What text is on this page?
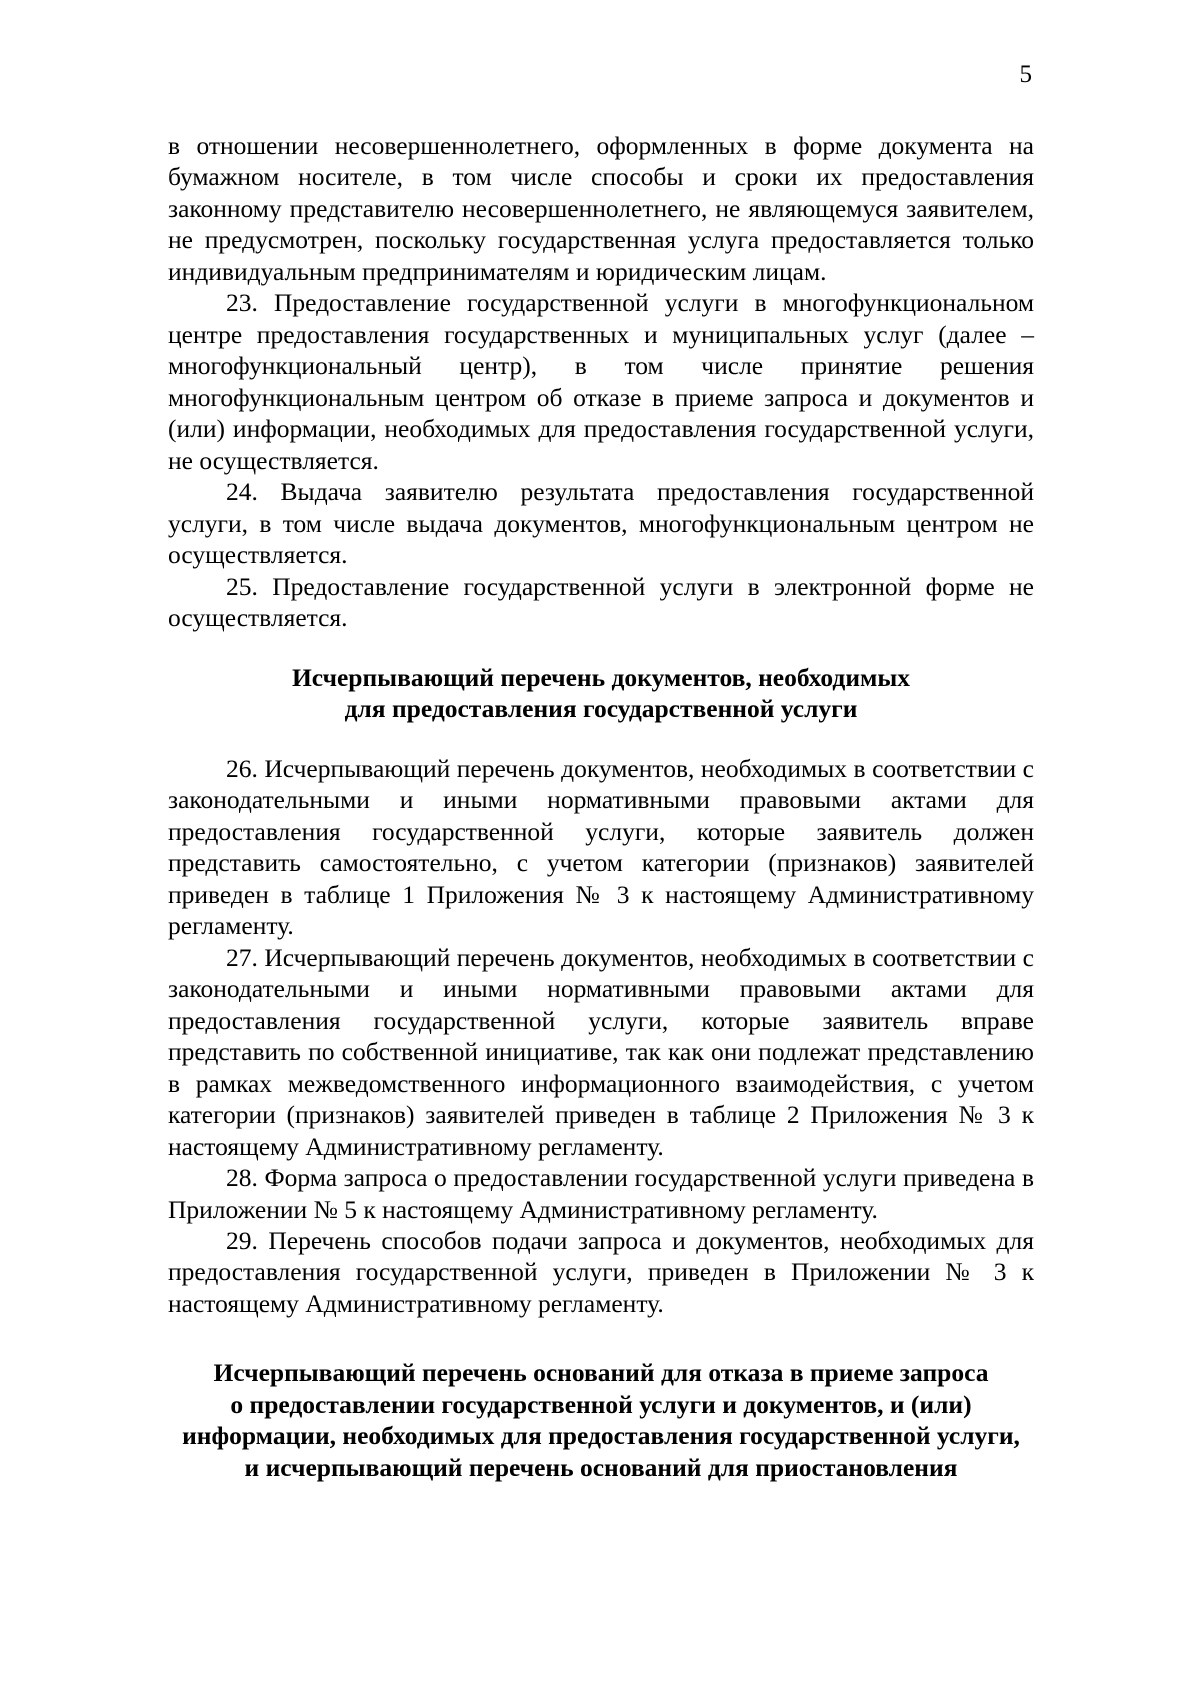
5

в отношении несовершеннолетнего, оформленных в форме документа на бумажном носителе, в том числе способы и сроки их предоставления законному представителю несовершеннолетнего, не являющемуся заявителем, не предусмотрен, поскольку государственная услуга предоставляется только индивидуальным предпринимателям и юридическим лицам.

23. Предоставление государственной услуги в многофункциональном центре предоставления государственных и муниципальных услуг (далее – многофункциональный центр), в том числе принятие решения многофункциональным центром об отказе в приеме запроса и документов и (или) информации, необходимых для предоставления государственной услуги, не осуществляется.

24. Выдача заявителю результата предоставления государственной услуги, в том числе выдача документов, многофункциональным центром не осуществляется.

25. Предоставление государственной услуги в электронной форме не осуществляется.

Исчерпывающий перечень документов, необходимых
для предоставления государственной услуги

26. Исчерпывающий перечень документов, необходимых в соответствии с законодательными и иными нормативными правовыми актами для предоставления государственной услуги, которые заявитель должен представить самостоятельно, с учетом категории (признаков) заявителей приведен в таблице 1 Приложения № 3 к настоящему Административному регламенту.

27. Исчерпывающий перечень документов, необходимых в соответствии с законодательными и иными нормативными правовыми актами для предоставления государственной услуги, которые заявитель вправе представить по собственной инициативе, так как они подлежат представлению в рамках межведомственного информационного взаимодействия, с учетом категории (признаков) заявителей приведен в таблице 2 Приложения № 3 к настоящему Административному регламенту.

28. Форма запроса о предоставлении государственной услуги приведена в Приложении № 5 к настоящему Административному регламенту.

29. Перечень способов подачи запроса и документов, необходимых для предоставления государственной услуги, приведен в Приложении № 3 к настоящему Административному регламенту.

Исчерпывающий перечень оснований для отказа в приеме запроса
о предоставлении государственной услуги и документов, и (или)
информации, необходимых для предоставления государственной услуги,
и исчерпывающий перечень оснований для приостановления
